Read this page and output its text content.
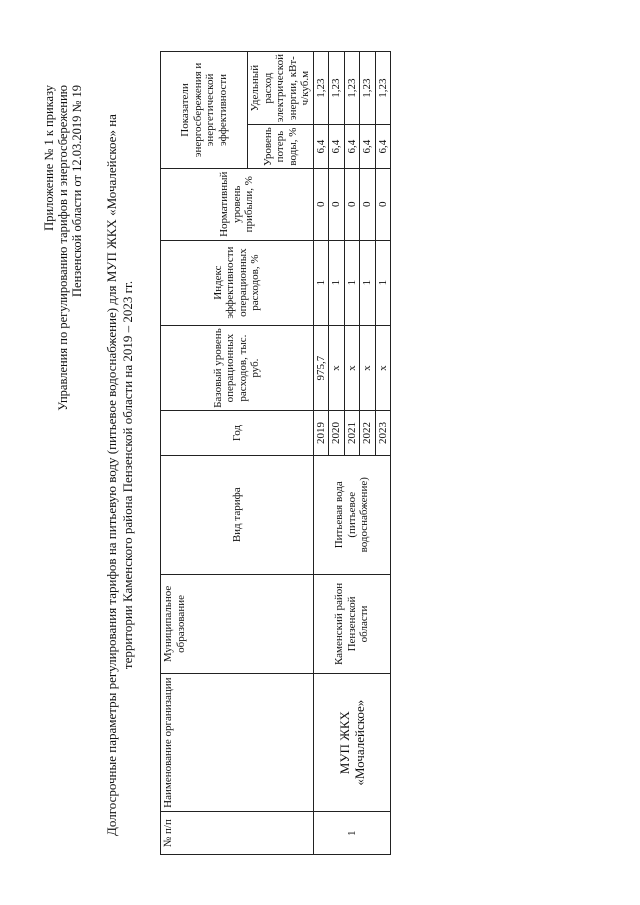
Приложение № 1 к приказу Управления по регулированию тарифов и энергосбережению Пензенской области от 12.03.2019 № 19 Долгосрочные параметры регулирования тарифов на питьевую воду (питьевое водоснабжение) для МУП ЖКХ «Мочалейское» на территории Каменского района Пензенской области на 2019 – 2023 гг.
№ п/п	Наименование организации	Муниципальное образование	Вид тарифа	Год	Базовый уровень операционных расходов, тыс. руб.	Индекс эффективности операционных расходов, %	Нормативный уровень прибыли, %	Показатели энергосбережения и энергетической эффективности	
								Уровень потерь воды, %	Удельный расход электрической энергии, кВт-ч/куб.м
1	МУП ЖКХ «Мочалейское»	Каменский район Пензенской области	Питьевая вода (питьевое водоснабжение)	2019	975,7	1	0	6,4	1,23
				2020	х	1	0	6,4	1,23
				2021	х	1	0	6,4	1,23
				2022	х	1	0	6,4	1,23
				2023	х	1	0	6,4	1,23
